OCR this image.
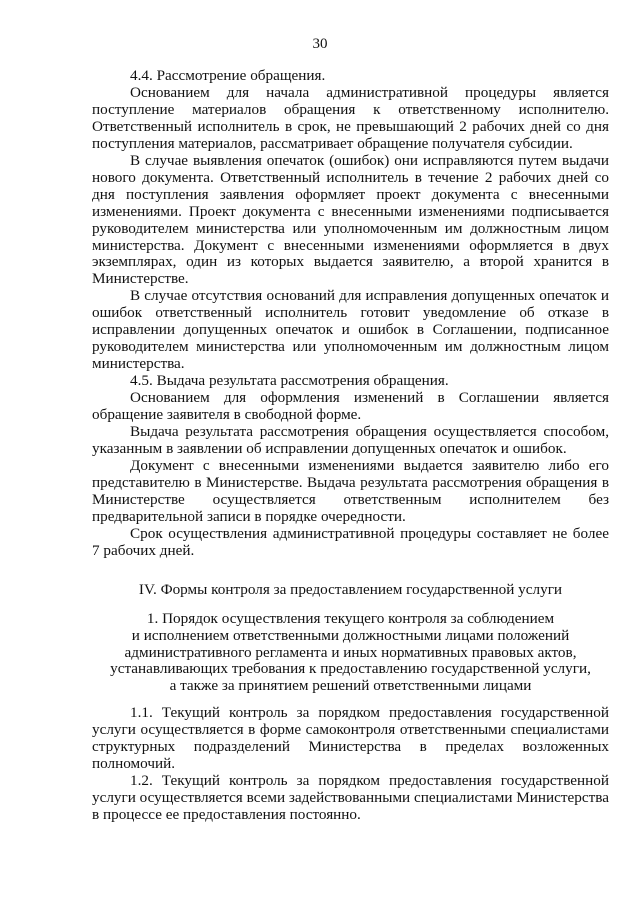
30

4.4. Рассмотрение обращения.

Основанием для начала административной процедуры является поступление материалов обращения к ответственному исполнителю. Ответственный исполнитель в срок, не превышающий 2 рабочих дней со дня поступления материалов, рассматривает обращение получателя субсидии.

В случае выявления опечаток (ошибок) они исправляются путем выдачи нового документа. Ответственный исполнитель в течение 2 рабочих дней со дня поступления заявления оформляет проект документа с внесенными изменениями. Проект документа с внесенными изменениями подписывается руководителем министерства или уполномоченным им должностным лицом министерства. Документ с внесенными изменениями оформляется в двух экземплярах, один из которых выдается заявителю, а второй хранится в Министерстве.

В случае отсутствия оснований для исправления допущенных опечаток и ошибок ответственный исполнитель готовит уведомление об отказе в исправлении допущенных опечаток и ошибок в Соглашении, подписанное руководителем министерства или уполномоченным им должностным лицом министерства.

4.5. Выдача результата рассмотрения обращения.

Основанием для оформления изменений в Соглашении является обращение заявителя в свободной форме.

Выдача результата рассмотрения обращения осуществляется способом, указанным в заявлении об исправлении допущенных опечаток и ошибок.

Документ с внесенными изменениями выдается заявителю либо его представителю в Министерстве. Выдача результата рассмотрения обращения в Министерстве осуществляется ответственным исполнителем без предварительной записи в порядке очередности.

Срок осуществления административной процедуры составляет не более 7 рабочих дней.

IV. Формы контроля за предоставлением государственной услуги

1. Порядок осуществления текущего контроля за соблюдением
и исполнением ответственными должностными лицами положений
административного регламента и иных нормативных правовых актов,
устанавливающих требования к предоставлению государственной услуги,
а также за принятием решений ответственными лицами

1.1. Текущий контроль за порядком предоставления государственной услуги осуществляется в форме самоконтроля ответственными специалистами структурных подразделений Министерства в пределах возложенных полномочий.

1.2. Текущий контроль за порядком предоставления государственной услуги осуществляется всеми задействованными специалистами Министерства в процессе ее предоставления постоянно.
